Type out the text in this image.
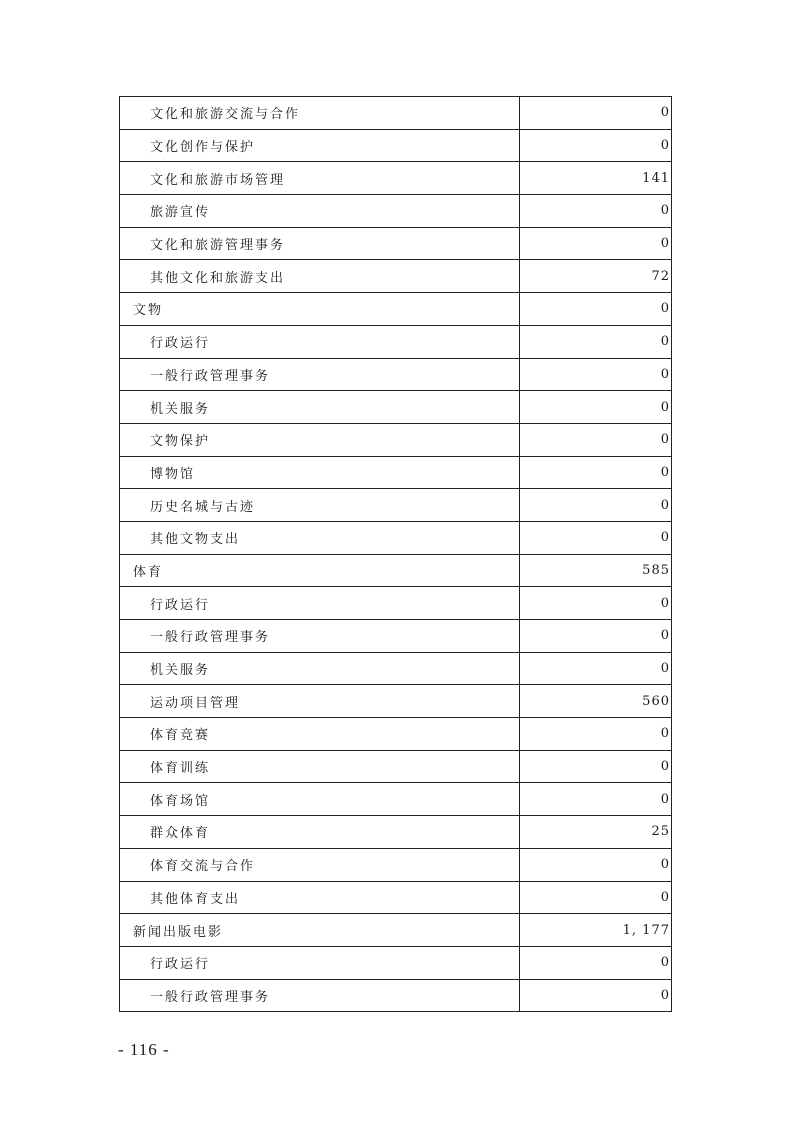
文化和旅游交流与合作	0
文化创作与保护	0
文化和旅游市场管理	141
旅游宣传	0
文化和旅游管理事务	0
其他文化和旅游支出	72
文物	0
行政运行	0
一般行政管理事务	0
机关服务	0
文物保护	0
博物馆	0
历史名城与古迹	0
其他文物支出	0
体育	585
行政运行	0
一般行政管理事务	0
机关服务	0
运动项目管理	560
体育竞赛	0
体育训练	0
体育场馆	0
群众体育	25
体育交流与合作	0
其他体育支出	0
新闻出版电影	1, 177
行政运行	0
一般行政管理事务	0
- 116 -
